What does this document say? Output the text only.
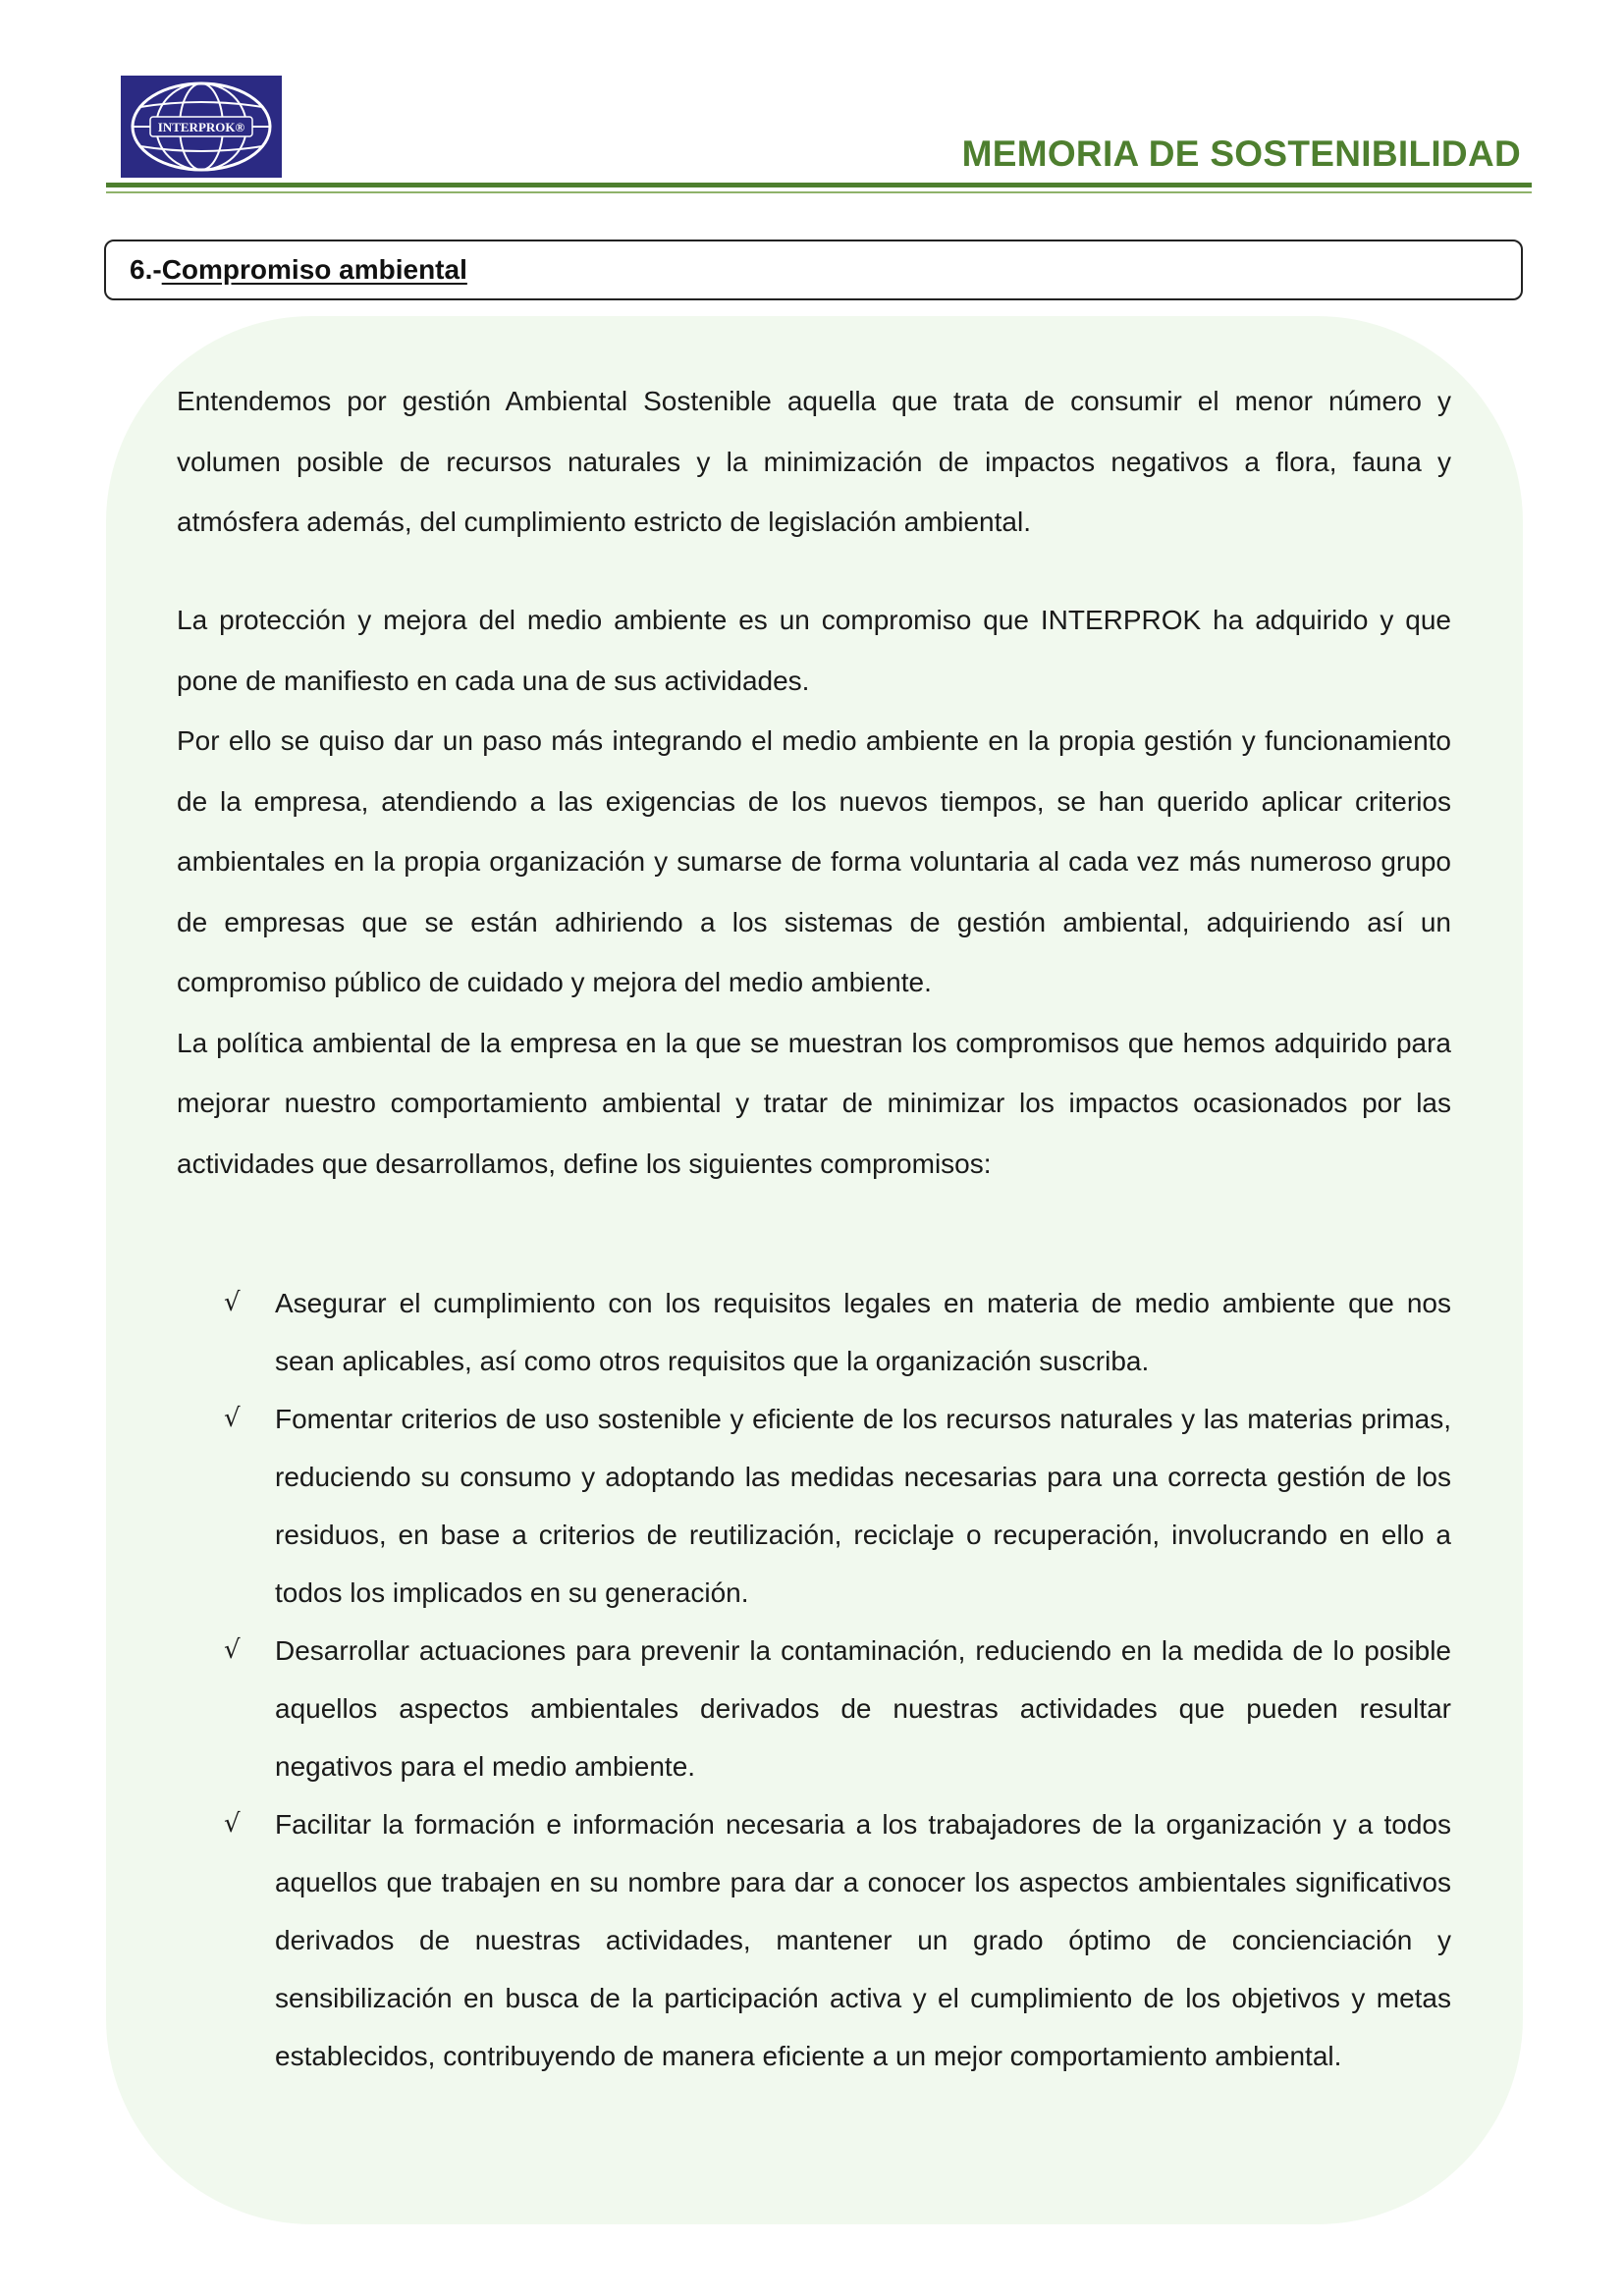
INTERPROK®
MEMORIA DE SOSTENIBILIDAD
6.- Compromiso ambiental
Entendemos por gestión Ambiental Sostenible aquella que trata de consumir el menor número y volumen posible de recursos naturales y la minimización de impactos negativos a flora, fauna y atmósfera además, del cumplimiento estricto de legislación ambiental.
La protección y mejora del medio ambiente es un compromiso que INTERPROK ha adquirido y que pone de manifiesto en cada una de sus actividades.
Por ello se quiso dar un paso más integrando el medio ambiente en la propia gestión y funcionamiento de la empresa, atendiendo a las exigencias de los nuevos tiempos, se han querido aplicar criterios ambientales en la propia organización y sumarse de forma voluntaria al cada vez más numeroso grupo de empresas que se están adhiriendo a los sistemas de gestión ambiental, adquiriendo así un compromiso público de cuidado y mejora del medio ambiente.
La política ambiental de la empresa en la que se muestran los compromisos que hemos adquirido para mejorar nuestro comportamiento ambiental y tratar de minimizar los impactos ocasionados por las actividades que desarrollamos, define los siguientes compromisos:
√ Asegurar el cumplimiento con los requisitos legales en materia de medio ambiente que nos sean aplicables, así como otros requisitos que la organización suscriba.
√ Fomentar criterios de uso sostenible y eficiente de los recursos naturales y las materias primas, reduciendo su consumo y adoptando las medidas necesarias para una correcta gestión de los residuos, en base a criterios de reutilización, reciclaje o recuperación, involucrando en ello a todos los implicados en su generación.
√ Desarrollar actuaciones para prevenir la contaminación, reduciendo en la medida de lo posible aquellos aspectos ambientales derivados de nuestras actividades que pueden resultar negativos para el medio ambiente.
√ Facilitar la formación e información necesaria a los trabajadores de la organización y a todos aquellos que trabajen en su nombre para dar a conocer los aspectos ambientales significativos derivados de nuestras actividades, mantener un grado óptimo de concienciación y sensibilización en busca de la participación activa y el cumplimiento de los objetivos y metas establecidos, contribuyendo de manera eficiente a un mejor comportamiento ambiental.
